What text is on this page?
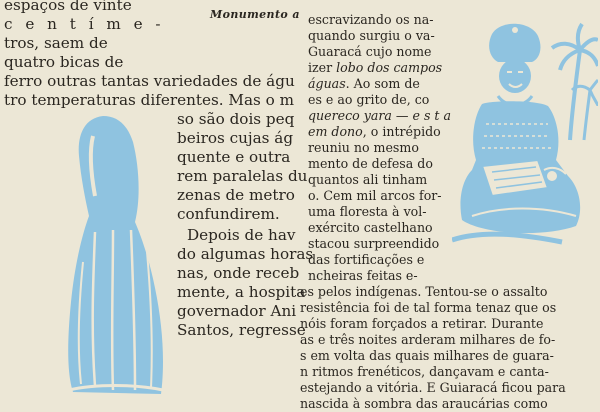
Monumento a
espaços de vinte
c e n t í m e -
tros, saem de
quatro bicas de
ferro outras tantas variedades de águ
tro temperaturas diferentes. Mas o m
so são dois peq
beiros cujas ág
quente e outra
rem paralelas du
zenas de metro
confundirem.
Depois de hav
do algumas horas
nas, onde receb
mente, a hospita
governador Ani
Santos, regresse
escravizando os na-
quando surgiu o va-
Guaracá cujo nome
izer lobo dos campos
águas. Ao som de
es e ao grito de, co
quereco yara — e s t a
em dono, o intrépido
reuniu no mesmo
mento de defesa do
quantos ali tinham
o. Cem mil arcos for-
uma floresta à vol-
exército castelhano
stacou surpreendido
das fortificações e
ncheiras feitas e-
es pelos indígenas. Tentou-se o assalto
resistência foi de tal forma tenaz que os
nóis foram forçados a retirar. Durante
as e três noites arderam milhares de fo-
s em volta das quais milhares de guara-
n ritmos frenéticos, dançavam e canta-
estejando a vitória. E Guiaracá ficou para
nascida à sombra das araucárias como
